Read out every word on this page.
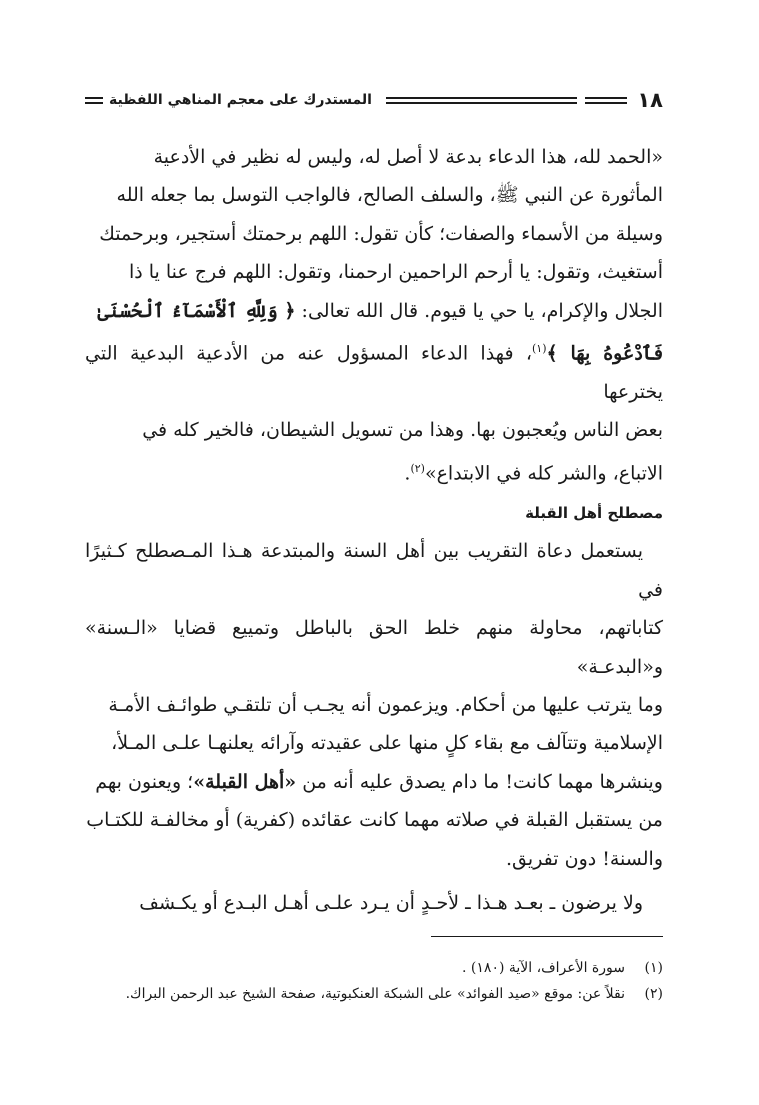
١٨
المستدرك على معجم المناهي اللفظية

«الحمد لله، هذا الدعاء بدعة لا أصل له، وليس له نظير في الأدعية

المأثورة عن النبي ﷺ، والسلف الصالح، فالواجب التوسل بما جعله الله

وسيلة من الأسماء والصفات؛ كأن تقول: اللهم برحمتك أستجير، وبرحمتك

أستغيث، وتقول: يا أرحم الراحمين ارحمنا، وتقول: اللهم فرج عنا يا ذا

الجلال والإكرام، يا حي يا قيوم. قال الله تعالى: ﴿ وَلِلَّهِ ٱلْأَسْمَآءُ ٱلْحُسْنَىٰ

فَٱدْعُوهُ بِهَا ﴾$^{(١)}$، فهذا الدعاء المسؤول عنه من الأدعية البدعية التي يخترعها

بعض الناس ويُعجبون بها. وهذا من تسويل الشيطان، فالخير كله في

الاتباع، والشر كله في الابتداع»$^{(٢)}$.

مصطلح أهل القبلة

يستعمل دعاة التقريب بين أهل السنة والمبتدعة هـذا المـصطلح كـثيرًا في

كتاباتهم، محاولة منهم خلط الحق بالباطل وتمييع قضايا «الـسنة» و«البدعـة»

وما يترتب عليها من أحكام. ويزعمون أنه يجـب أن تلتقـي طوائـف الأمـة

الإسلامية وتتآلف مع بقاء كلٍ منها على عقيدته وآرائه يعلنهـا علـى المـلأ،

وينشرها مهما كانت! ما دام يصدق عليه أنه من «أهل القبلة»؛ ويعنون بهم

من يستقبل القبلة في صلاته مهما كانت عقائده (كفرية) أو مخالفـة للكتـاب

والسنة! دون تفريق.

ولا يرضون ـ بعـد هـذا ـ لأحـدٍ أن يـرد علـى أهـل البـدع أو يكـشف

(١)
سورة الأعراف، الآية (١٨٠) .
(٢)
نقلاً عن: موقع «صيد الفوائد» على الشبكة العنكبوتية، صفحة الشيخ عبد الرحمن البراك.
